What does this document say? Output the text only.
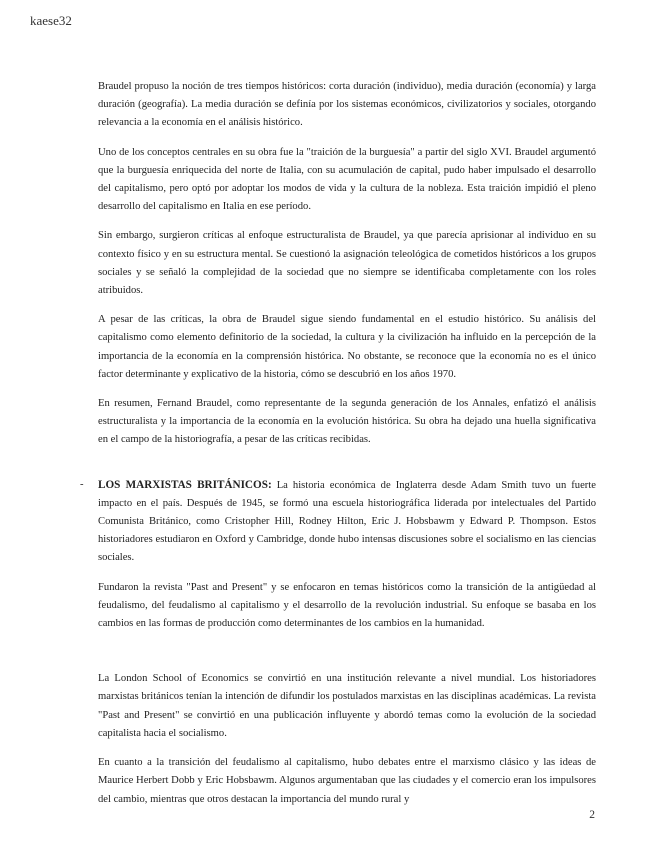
kaese32

Braudel propuso la noción de tres tiempos históricos: corta duración (individuo), media duración (economía) y larga duración (geografía). La media duración se definía por los sistemas económicos, civilizatorios y sociales, otorgando relevancia a la economía en el análisis histórico.

Uno de los conceptos centrales en su obra fue la "traición de la burguesía" a partir del siglo XVI. Braudel argumentó que la burguesía enriquecida del norte de Italia, con su acumulación de capital, pudo haber impulsado el desarrollo del capitalismo, pero optó por adoptar los modos de vida y la cultura de la nobleza. Esta traición impidió el pleno desarrollo del capitalismo en Italia en ese período.

Sin embargo, surgieron críticas al enfoque estructuralista de Braudel, ya que parecía aprisionar al individuo en su contexto físico y en su estructura mental. Se cuestionó la asignación teleológica de cometidos históricos a los grupos sociales y se señaló la complejidad de la sociedad que no siempre se identificaba completamente con los roles atribuidos.

A pesar de las críticas, la obra de Braudel sigue siendo fundamental en el estudio histórico. Su análisis del capitalismo como elemento definitorio de la sociedad, la cultura y la civilización ha influido en la percepción de la importancia de la economía en la comprensión histórica. No obstante, se reconoce que la economía no es el único factor determinante y explicativo de la historia, cómo se descubrió en los años 1970.

En resumen, Fernand Braudel, como representante de la segunda generación de los Annales, enfatizó el análisis estructuralista y la importancia de la economía en la evolución histórica. Su obra ha dejado una huella significativa en el campo de la historiografía, a pesar de las críticas recibidas.

- LOS MARXISTAS BRITÁNICOS: La historia económica de Inglaterra desde Adam Smith tuvo un fuerte impacto en el país. Después de 1945, se formó una escuela historiográfica liderada por intelectuales del Partido Comunista Británico, como Cristopher Hill, Rodney Hilton, Eric J. Hobsbawm y Edward P. Thompson. Estos historiadores estudiaron en Oxford y Cambridge, donde hubo intensas discusiones sobre el socialismo en las ciencias sociales.

Fundaron la revista "Past and Present" y se enfocaron en temas históricos como la transición de la antigüedad al feudalismo, del feudalismo al capitalismo y el desarrollo de la revolución industrial. Su enfoque se basaba en los cambios en las formas de producción como determinantes de los cambios en la humanidad.

La London School of Economics se convirtió en una institución relevante a nivel mundial. Los historiadores marxistas británicos tenían la intención de difundir los postulados marxistas en las disciplinas académicas. La revista "Past and Present" se convirtió en una publicación influyente y abordó temas como la evolución de la sociedad capitalista hacia el socialismo.

En cuanto a la transición del feudalismo al capitalismo, hubo debates entre el marxismo clásico y las ideas de Maurice Herbert Dobb y Eric Hobsbawm. Algunos argumentaban que las ciudades y el comercio eran los impulsores del cambio, mientras que otros destacan la importancia del mundo rural y

2
